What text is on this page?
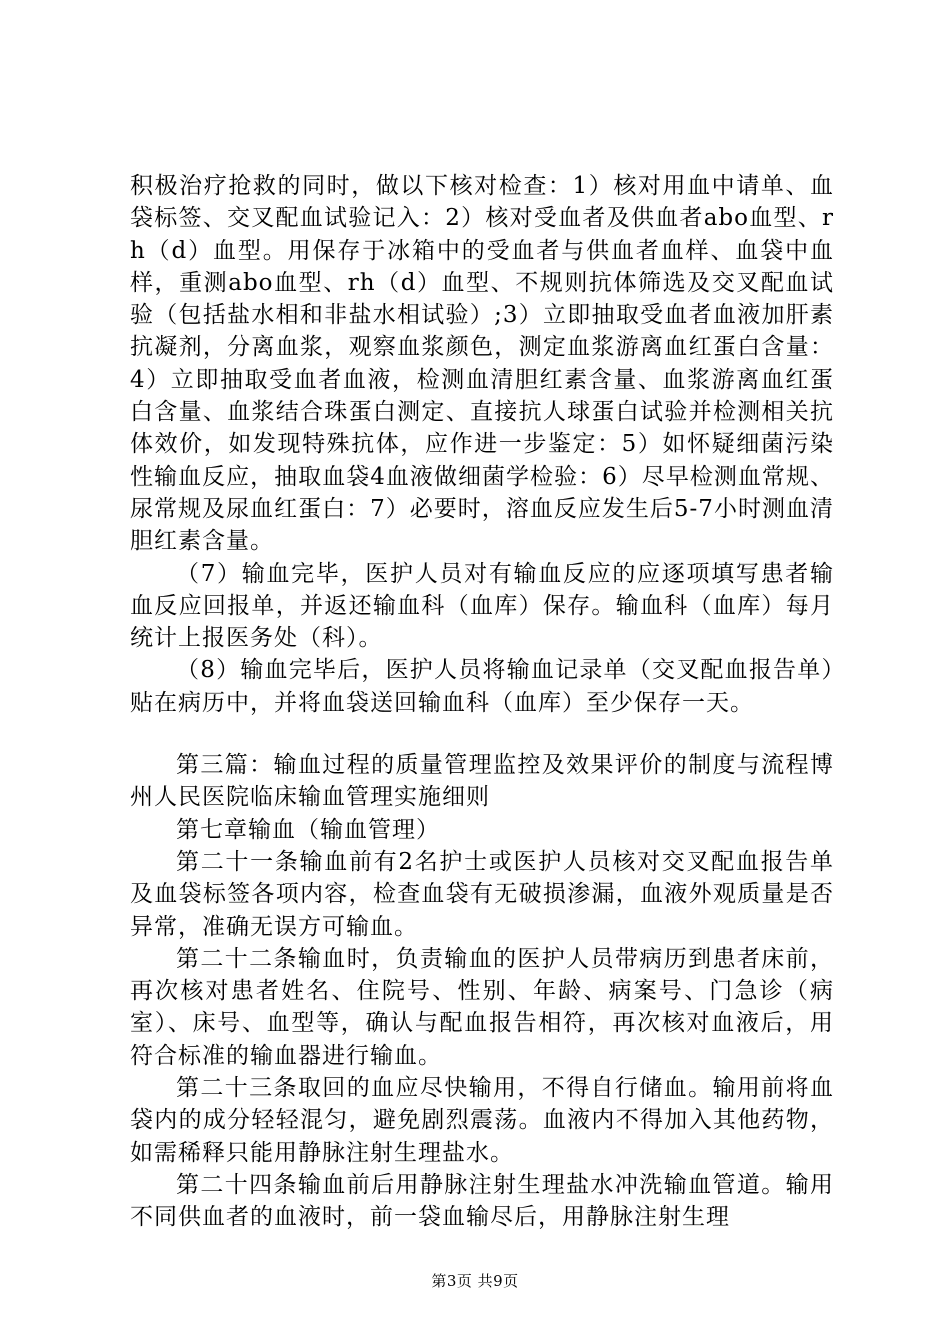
积极治疗抢救的同时，做以下核对检查：1）核对用血中请单、血袋标签、交叉配血试验记入：2）核对受血者及供血者abo血型、rh（d）血型。用保存于冰箱中的受血者与供血者血样、血袋中血样，重测abo血型、rh（d）血型、不规则抗体筛选及交叉配血试验（包括盐水相和非盐水相试验）;3）立即抽取受血者血液加肝素抗凝剂，分离血浆，观察血浆颜色，测定血浆游离血红蛋白含量：4）立即抽取受血者血液，检测血清胆红素含量、血浆游离血红蛋白含量、血浆结合珠蛋白测定、直接抗人球蛋白试验并检测相关抗体效价，如发现特殊抗体，应作进一步鉴定：5）如怀疑细菌污染性输血反应，抽取血袋4血液做细菌学检验：6）尽早检测血常规、尿常规及尿血红蛋白：7）必要时，溶血反应发生后5-7小时测血清胆红素含量。

（7）输血完毕，医护人员对有输血反应的应逐项填写患者输血反应回报单，并返还输血科（血库）保存。输血科（血库）每月统计上报医务处（科）。

（8）输血完毕后，医护人员将输血记录单（交叉配血报告单）贴在病历中，并将血袋送回输血科（血库）至少保存一天。

第三篇：输血过程的质量管理监控及效果评价的制度与流程博州人民医院临床输血管理实施细则

第七章输血（输血管理）

第二十一条输血前有2名护士或医护人员核对交叉配血报告单及血袋标签各项内容，检查血袋有无破损渗漏，血液外观质量是否异常，准确无误方可输血。

第二十二条输血时，负责输血的医护人员带病历到患者床前，再次核对患者姓名、住院号、性别、年龄、病案号、门急诊（病室）、床号、血型等，确认与配血报告相符，再次核对血液后，用符合标准的输血器进行输血。

第二十三条取回的血应尽快输用，不得自行储血。输用前将血袋内的成分轻轻混匀，避免剧烈震荡。血液内不得加入其他药物，如需稀释只能用静脉注射生理盐水。

第二十四条输血前后用静脉注射生理盐水冲洗输血管道。输用不同供血者的血液时，前一袋血输尽后，用静脉注射生理

第3页 共9页
